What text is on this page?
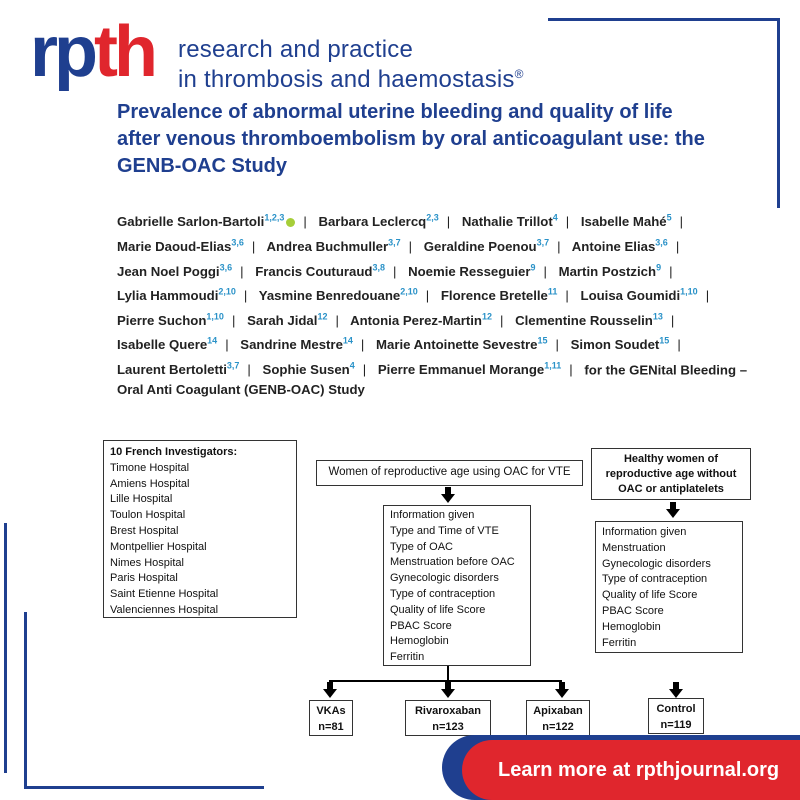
rpth research and practice
in thrombosis and haemostasis®
Prevalence of abnormal uterine bleeding and quality of life after venous thromboembolism by oral anticoagulant use: the GENB-OAC Study
Gabrielle Sarlon-Bartoli$^{1,2,3}$ | Barbara Leclercq$^{2,3}$ | Nathalie Trillot$^4$ | Isabelle Mahé$^5$ | Marie Daoud-Elias$^{3,6}$ | Andrea Buchmuller$^{3,7}$ | Geraldine Poenou$^{3,7}$ | Antoine Elias$^{3,6}$ | Jean Noel Poggi$^{3,6}$ | Francis Couturaud$^{3,8}$ | Noemie Resseguier$^9$ | Martin Postzich$^9$ | Lylia Hammoudi$^{2,10}$ | Yasmine Benredouane$^{2,10}$ | Florence Bretelle$^{11}$ | Louisa Goumidi$^{1,10}$ | Pierre Suchon$^{1,10}$ | Sarah Jidal$^{12}$ | Antonia Perez-Martin$^{12}$ | Clementine Rousselin$^{13}$ | Isabelle Quere$^{14}$ | Sandrine Mestre$^{14}$ | Marie Antoinette Sevestre$^{15}$ | Simon Soudet$^{15}$ | Laurent Bertoletti$^{3,7}$ | Sophie Susen$^4$ | Pierre Emmanuel Morange$^{1,11}$ | for the GENital Bleeding – Oral Anti Coagulant (GENB-OAC) Study
10 French Investigators:
Timone Hospital
Amiens Hospital
Lille Hospital
Toulon Hospital
Brest Hospital
Montpellier Hospital
Nimes Hospital
Paris Hospital
Saint Etienne Hospital
Valenciennes Hospital
Women of reproductive age using OAC for VTE
Information given
Type and Time of VTE
Type of OAC
Menstruation before OAC
Gynecologic disorders
Type of contraception
Quality of life Score
PBAC Score
Hemoglobin
Ferritin
Healthy women of reproductive age without OAC or antiplatelets
Information given
Menstruation
Gynecologic disorders
Type of contraception
Quality of life Score
PBAC Score
Hemoglobin
Ferritin
VKAs
n=81
Rivaroxaban
n=123
Apixaban
n=122
Control
n=119
Learn more at rpthjournal.org
